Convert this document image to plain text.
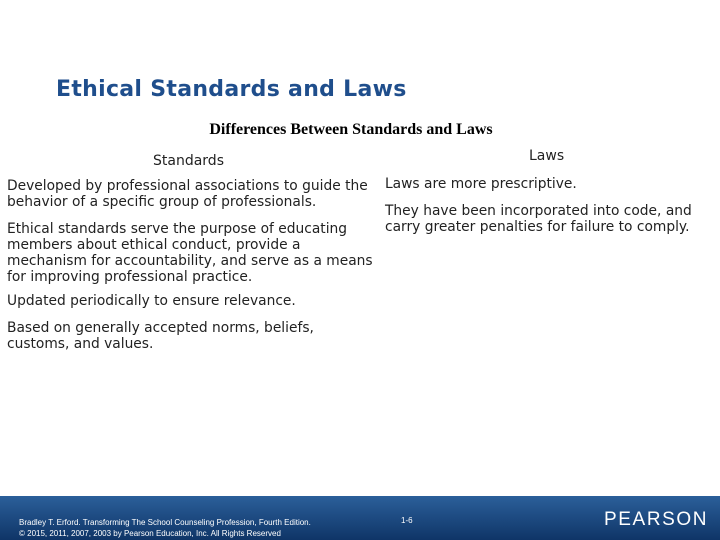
Ethical Standards and Laws
Differences Between Standards and Laws
Standards	Laws

Developed by professional associations to guide the behavior of a specific group of professionals.

Ethical standards serve the purpose of educating members about ethical conduct, provide a mechanism for accountability, and serve as a means for improving professional practice.

Updated periodically to ensure relevance.

Based on generally accepted norms, beliefs, customs, and values.

Laws are more prescriptive.

They have been incorporated into code, and carry greater penalties for failure to comply.

Bradley T. Erford. Transforming The School Counseling Profession, Fourth Edition.
© 2015, 2011, 2007, 2003 by Pearson Education, Inc. All Rights Reserved

1-6	PEARSON
